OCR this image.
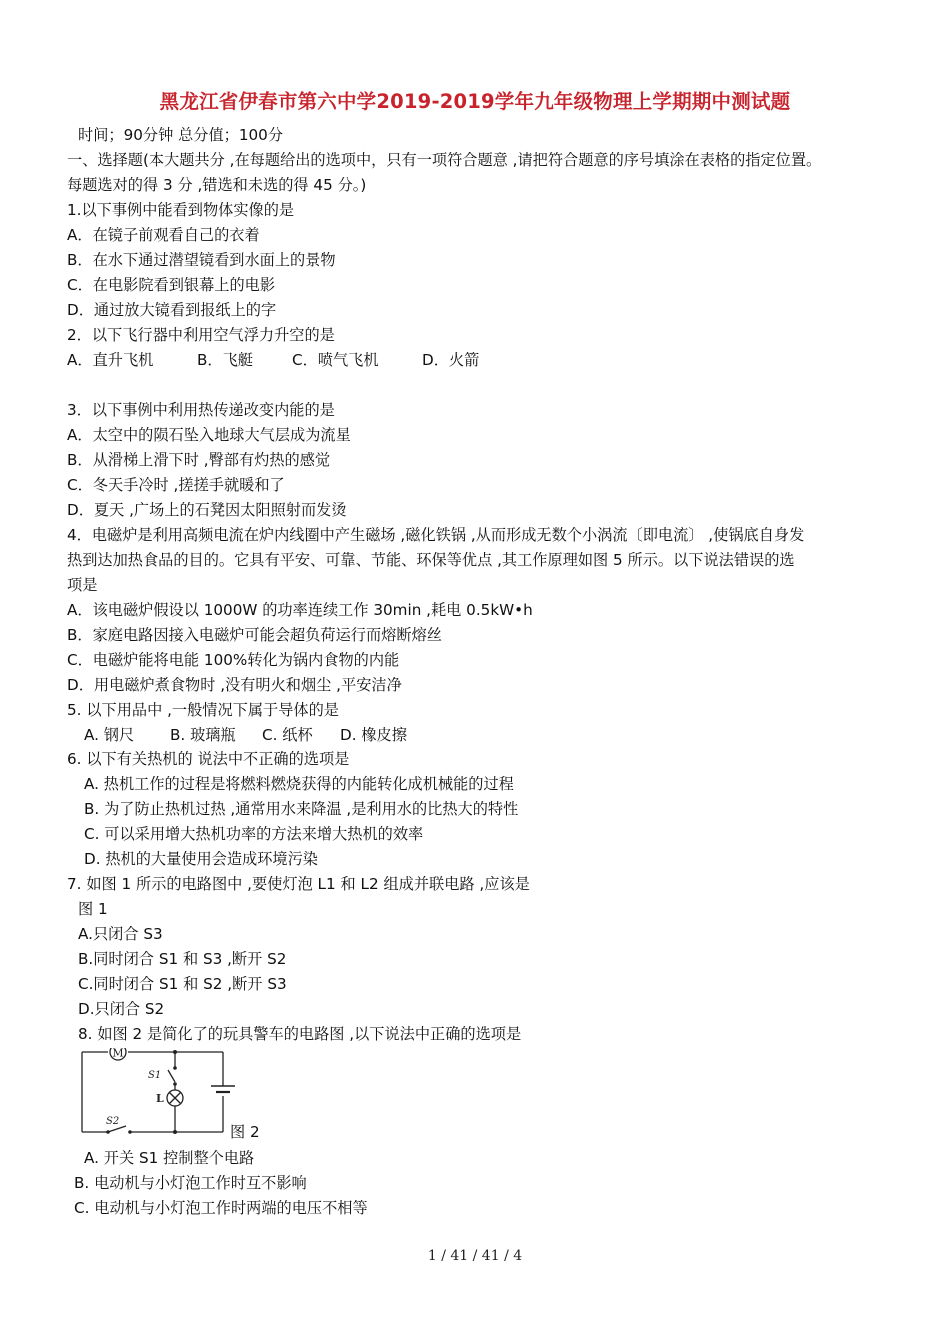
黑龙江省伊春市第六中学2019-2019学年九年级物理上学期期中测试题
时间；90分钟 总分值；100分
一、选择题(本大题共分 ,在每题给出的选项中，只有一项符合题意 ,请把符合题意的序号填涂在表格的指定位置。
每题选对的得 3 分 ,错选和未选的得 45 分。)
1.以下事例中能看到物体实像的是
A．在镜子前观看自己的衣着
B．在水下通过潜望镜看到水面上的景物
C．在电影院看到银幕上的电影
D．通过放大镜看到报纸上的字
2．以下飞行器中利用空气浮力升空的是
A．直升飞机	B．飞艇	C．喷气飞机	D．火箭
3．以下事例中利用热传递改变内能的是
A．太空中的陨石坠入地球大气层成为流星
B．从滑梯上滑下时 ,臀部有灼热的感觉
C．冬天手冷时 ,搓搓手就暖和了
D．夏天 ,广场上的石凳因太阳照射而发烫
4．电磁炉是利用高频电流在炉内线圈中产生磁场 ,磁化铁锅 ,从而形成无数个小涡流〔即电流〕 ,使锅底自身发
热到达加热食品的目的。它具有平安、可靠、节能、环保等优点 ,其工作原理如图 5 所示。以下说法错误的选
项是
A．该电磁炉假设以 1000W 的功率连续工作 30min ,耗电 0.5kW•h
B．家庭电路因接入电磁炉可能会超负荷运行而熔断熔丝
C．电磁炉能将电能 100%转化为锅内食物的内能
D．用电磁炉煮食物时 ,没有明火和烟尘 ,平安洁净
5. 以下用品中 ,一般情况下属于导体的是
A. 钢尺 B. 玻璃瓶 C. 纸杯 D. 橡皮擦
6. 以下有关热机的 说法中不正确的选项是
A. 热机工作的过程是将燃料燃烧获得的内能转化成机械能的过程
B. 为了防止热机过热 ,通常用水来降温 ,是利用水的比热大的特性
C. 可以采用增大热机功率的方法来增大热机的效率
D. 热机的大量使用会造成环境污染
7. 如图 1 所示的电路图中 ,要使灯泡 L1 和 L2 组成并联电路 ,应该是
图 1
A.只闭合 S3
B.同时闭合 S1 和 S3 ,断开 S2
C.同时闭合 S1 和 S2 ,断开 S3
D.只闭合 S2
8. 如图 2 是简化了的玩具警车的电路图 ,以下说法中正确的选项是
M
S1
L
S2
图 2
A. 开关 S1 控制整个电路
B. 电动机与小灯泡工作时互不影响
C. 电动机与小灯泡工作时两端的电压不相等
1 / 41 / 41 / 4
